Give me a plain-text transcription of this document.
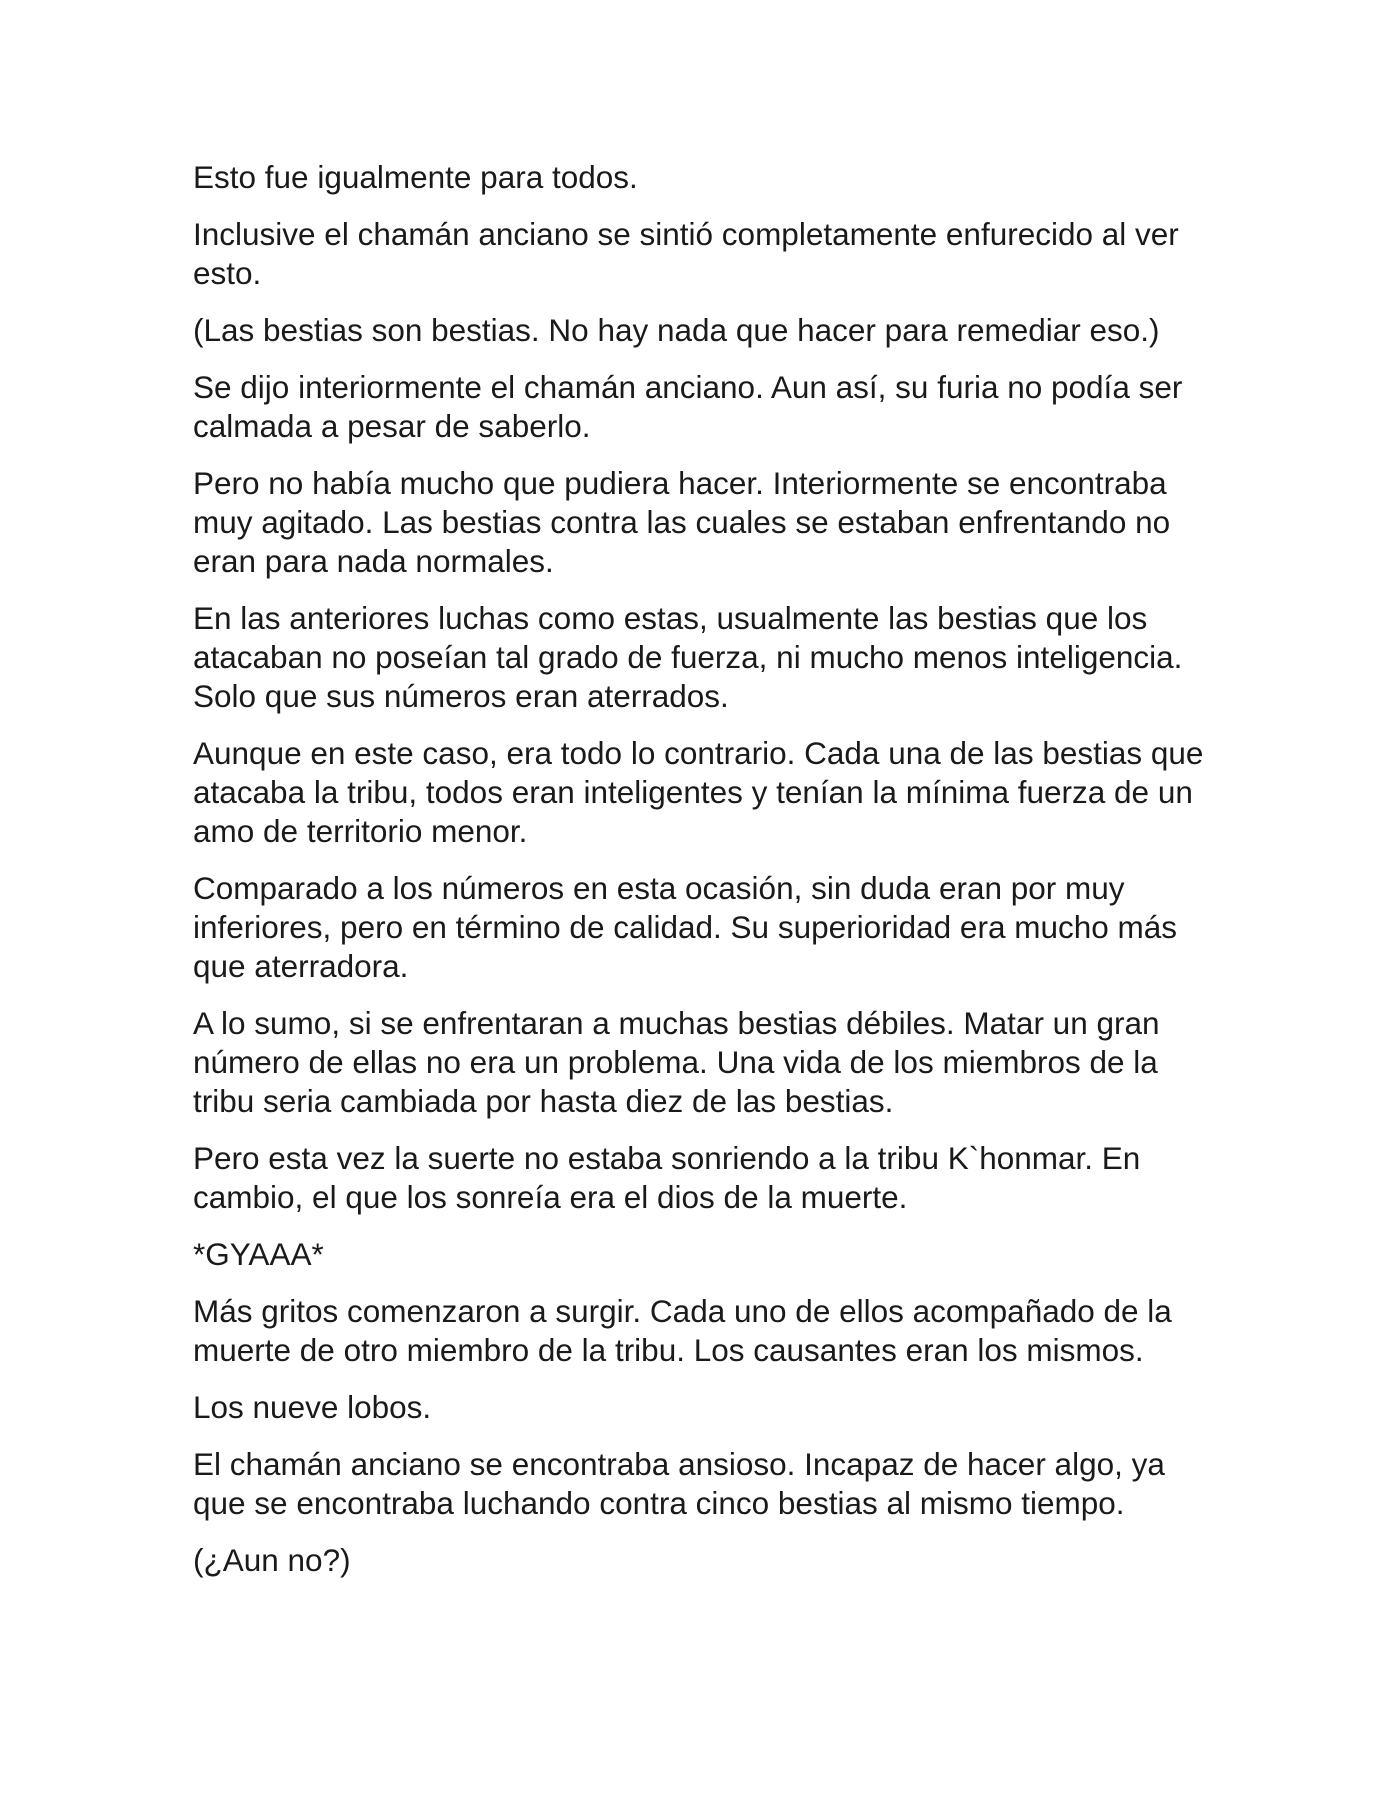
Esto fue igualmente para todos.

Inclusive el chamán anciano se sintió completamente enfurecido al ver esto.

(Las bestias son bestias. No hay nada que hacer para remediar eso.)

Se dijo interiormente el chamán anciano. Aun así, su furia no podía ser calmada a pesar de saberlo.

Pero no había mucho que pudiera hacer. Interiormente se encontraba muy agitado. Las bestias contra las cuales se estaban enfrentando no eran para nada normales.

En las anteriores luchas como estas, usualmente las bestias que los atacaban no poseían tal grado de fuerza, ni mucho menos inteligencia. Solo que sus números eran aterrados.

Aunque en este caso, era todo lo contrario. Cada una de las bestias que atacaba la tribu, todos eran inteligentes y tenían la mínima fuerza de un amo de territorio menor.

Comparado a los números en esta ocasión, sin duda eran por muy inferiores, pero en término de calidad. Su superioridad era mucho más que aterradora.

A lo sumo, si se enfrentaran a muchas bestias débiles. Matar un gran número de ellas no era un problema. Una vida de los miembros de la tribu seria cambiada por hasta diez de las bestias.

Pero esta vez la suerte no estaba sonriendo a la tribu K`honmar. En cambio, el que los sonreía era el dios de la muerte.

*GYAAA*

Más gritos comenzaron a surgir. Cada uno de ellos acompañado de la muerte de otro miembro de la tribu. Los causantes eran los mismos.

Los nueve lobos.

El chamán anciano se encontraba ansioso. Incapaz de hacer algo, ya que se encontraba luchando contra cinco bestias al mismo tiempo.

(¿Aun no?)
